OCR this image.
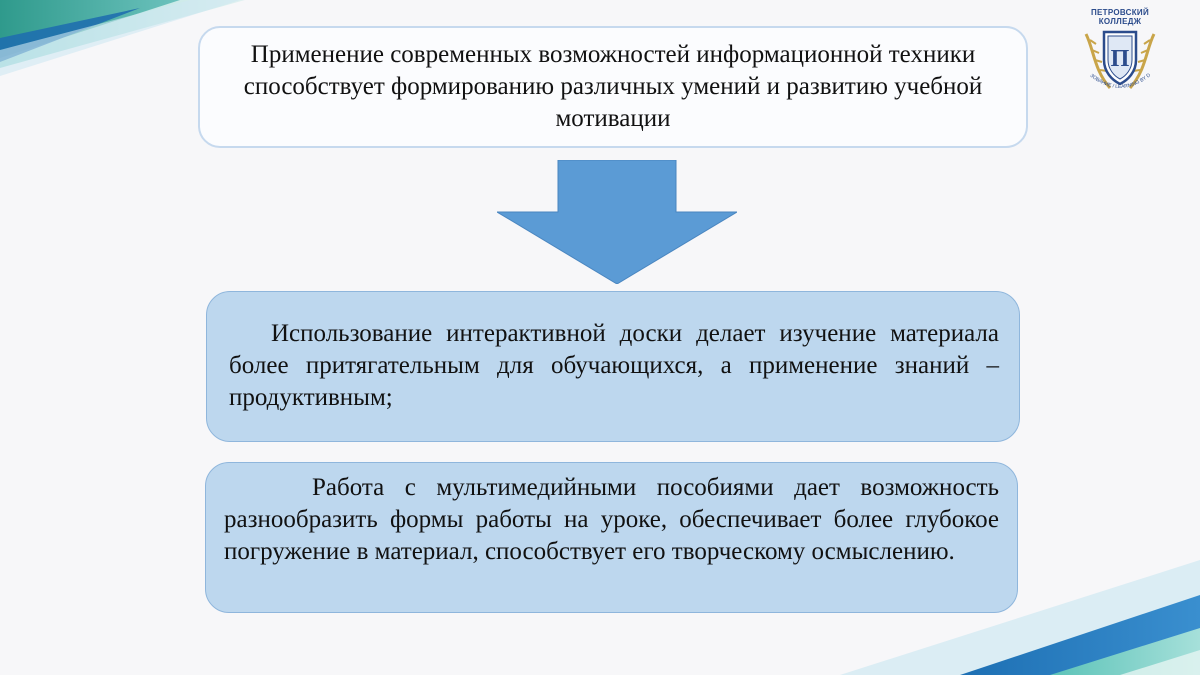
ПЕТРОВСКИЙ
КОЛЛЕДЖ
П
ЗОВАНИЕ / LEARNING BY D
Применение современных возможностей информационной техники способствует формированию различных умений и развитию учебной мотивации
Использование интерактивной доски делает изучение материала более притягательным для обучающихся, а применение знаний – продуктивным;
Работа с мультимедийными пособиями дает возможность разнообразить формы работы на уроке, обеспечивает более глубокое погружение в материал, способствует его творческому осмыслению.
